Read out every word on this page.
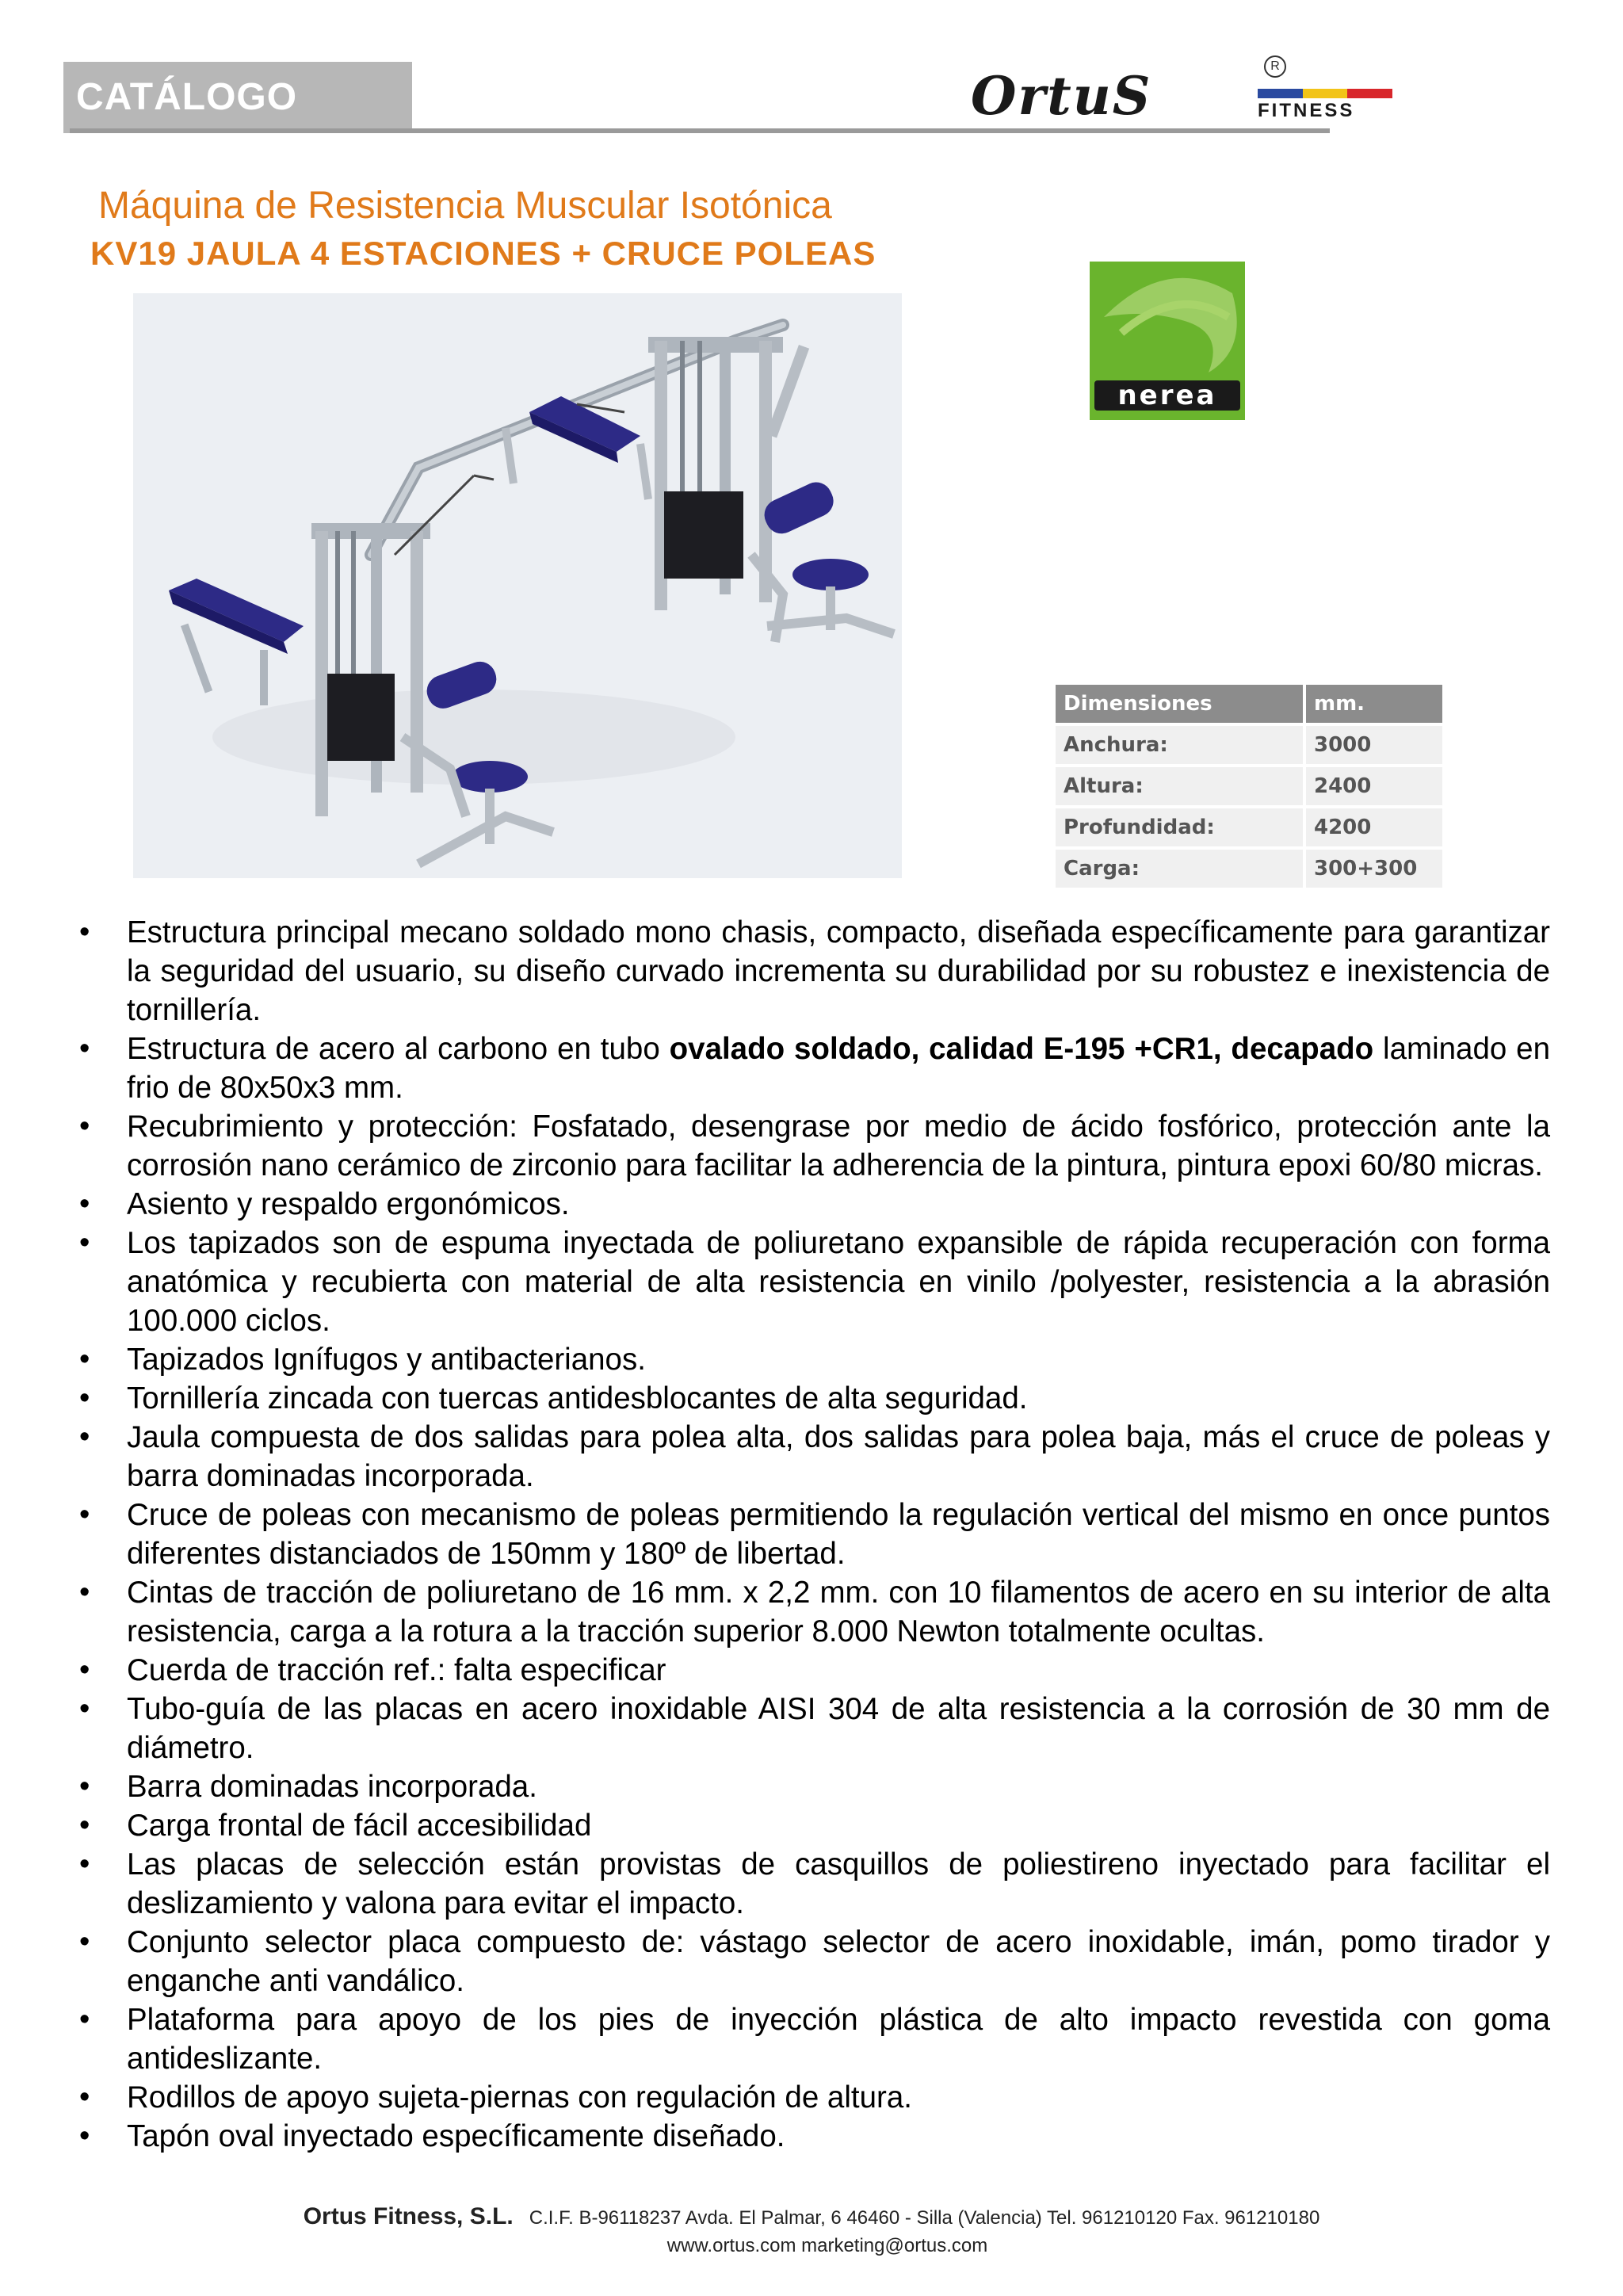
CATÁLOGO	OrtuS	R
FITNESS
Máquina de Resistencia Muscular Isotónica
KV19 JAULA 4 ESTACIONES + CRUCE POLEAS
nerea
Dimensiones	mm.
Anchura:	3000
Altura:	2400
Profundidad:	4200
Carga:	300+300
• Estructura principal mecano soldado mono chasis, compacto, diseñada específicamente para garantizar la seguridad del usuario, su diseño curvado incrementa su durabilidad por su robustez e inexistencia de tornillería.
• Estructura de acero al carbono en tubo ovalado soldado, calidad E-195 +CR1, decapado laminado en frio de 80x50x3 mm.
• Recubrimiento y protección: Fosfatado, desengrase por medio de ácido fosfórico, protección ante la corrosión nano cerámico de zirconio para facilitar la adherencia de la pintura, pintura epoxi 60/80 micras.
• Asiento y respaldo ergonómicos.
• Los tapizados son de espuma inyectada de poliuretano expansible de rápida recuperación con forma anatómica y recubierta con material de alta resistencia en vinilo /polyester, resistencia a la abrasión 100.000 ciclos.
• Tapizados Ignífugos y antibacterianos.
• Tornillería zincada con tuercas antidesblocantes de alta seguridad.
• Jaula compuesta de dos salidas para polea alta, dos salidas para polea baja, más el cruce de poleas y barra dominadas incorporada.
• Cruce de poleas con mecanismo de poleas permitiendo la regulación vertical del mismo en once puntos diferentes distanciados de 150mm y 180º de libertad.
• Cintas de tracción de poliuretano de 16 mm. x 2,2 mm. con 10 filamentos de acero en su interior de alta resistencia, carga a la rotura a la tracción superior 8.000 Newton totalmente ocultas.
• Cuerda de tracción ref.: falta especificar
• Tubo-guía de las placas en acero inoxidable AISI 304 de alta resistencia a la corrosión de 30 mm de diámetro.
• Barra dominadas incorporada.
• Carga frontal de fácil accesibilidad
• Las placas de selección están provistas de casquillos de poliestireno inyectado para facilitar el deslizamiento y valona para evitar el impacto.
• Conjunto selector placa compuesto de: vástago selector de acero inoxidable, imán, pomo tirador y enganche anti vandálico.
• Plataforma para apoyo de los pies de inyección plástica de alto impacto revestida con goma antideslizante.
• Rodillos de apoyo sujeta-piernas con regulación de altura.
• Tapón oval inyectado específicamente diseñado.
Ortus Fitness, S.L. C.I.F. B-96118237 Avda. El Palmar, 6 46460 - Silla (Valencia) Tel. 961210120 Fax. 961210180
www.ortus.com marketing@ortus.com
